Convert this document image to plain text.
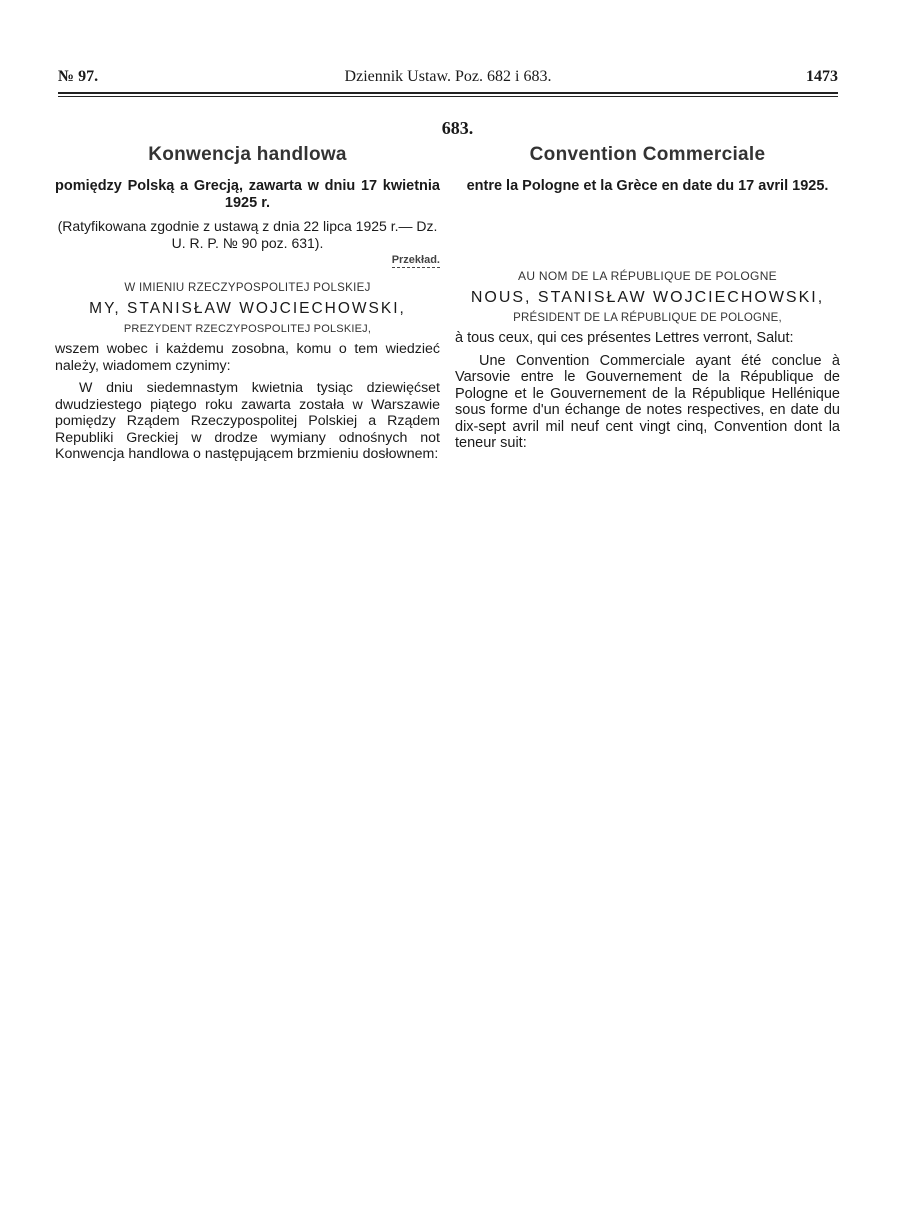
№ 97.	Dziennik Ustaw. Poz. 682 i 683.	1473
683.
Konwencja handlowa
pomiędzy Polską a Grecją, zawarta w dniu 17 kwietnia 1925 r.
(Ratyfikowana zgodnie z ustawą z dnia 22 lipca 1925 r.— Dz. U. R. P. № 90 poz. 631).
Przekład.
W IMIENIU RZECZYPOSPOLITEJ POLSKIEJ
MY, STANISŁAW WOJCIECHOWSKI,
PREZYDENT RZECZYPOSPOLITEJ POLSKIEJ,
wszem wobec i każdemu zosobna, komu o tem wiedzieć należy, wiadomem czynimy:
W dniu siedemnastym kwietnia tysiąc dziewięćset dwudziestego piątego roku zawarta została w Warszawie pomiędzy Rządem Rzeczypospolitej Polskiej a Rządem Republiki Greckiej w drodze wymiany odnośnych not Konwencja handlowa o następującem brzmieniu dosłownem:
Convention Commerciale
entre la Pologne et la Grèce en date du 17 avril 1925.
AU NOM DE LA RÉPUBLIQUE DE POLOGNE
NOUS, STANISŁAW WOJCIECHOWSKI,
PRÉSIDENT DE LA RÉPUBLIQUE DE POLOGNE,
à tous ceux, qui ces présentes Lettres verront, Salut:
Une Convention Commerciale ayant été conclue à Varsovie entre le Gouvernement de la République de Pologne et le Gouvernement de la République Hellénique sous forme d'un échange de notes respectives, en date du dix-sept avril mil neuf cent vingt cinq, Convention dont la teneur suit:
